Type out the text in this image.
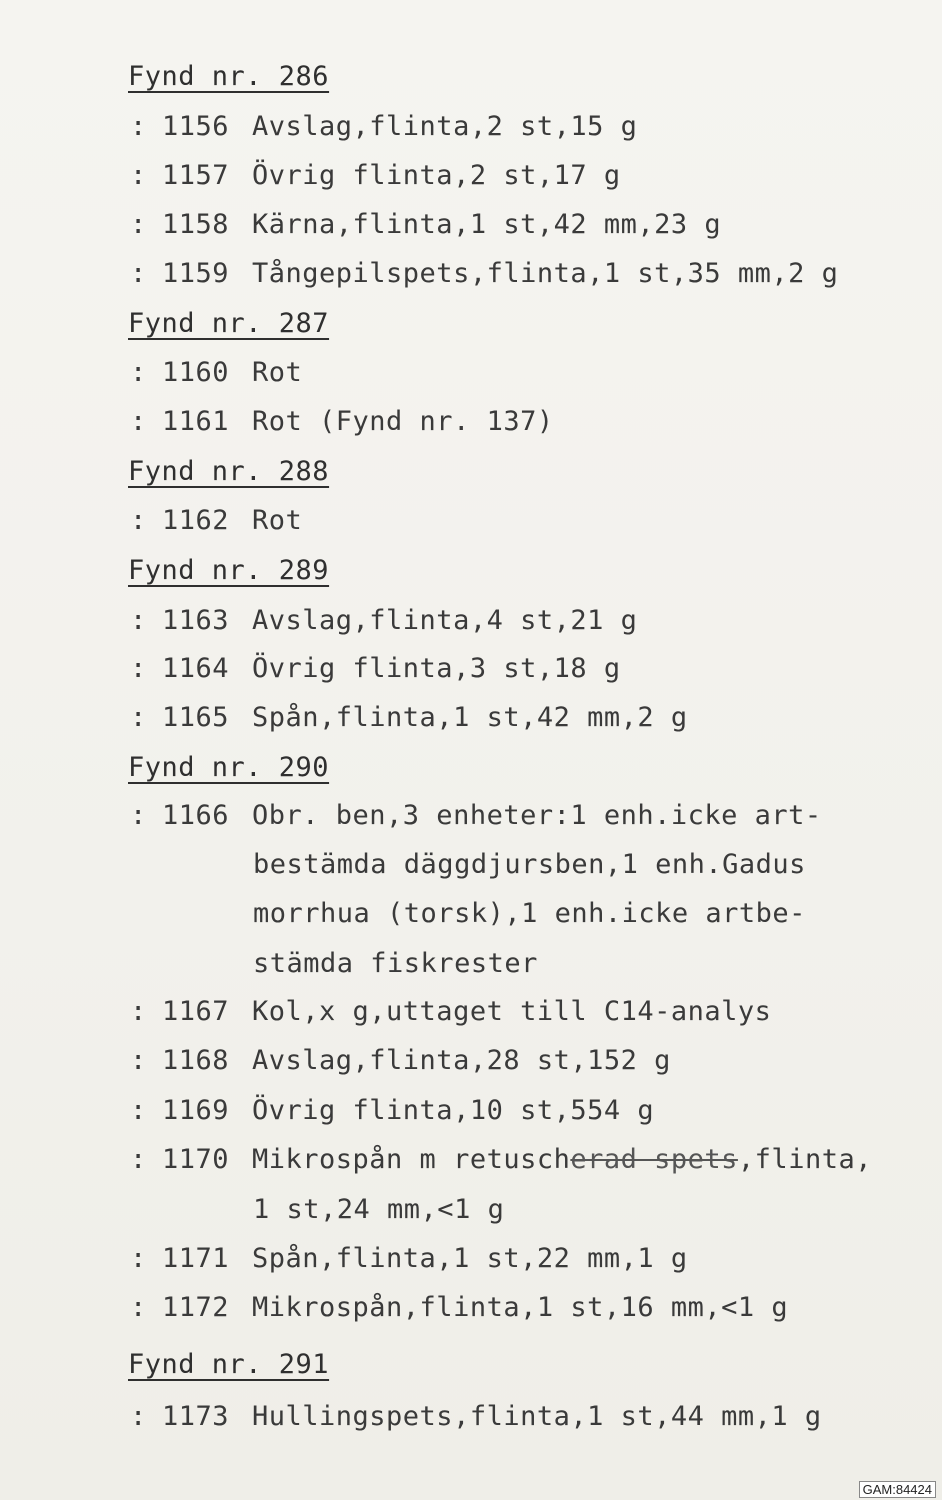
Fynd nr. 286
: 1156 Avslag,flinta,2 st,15 g
: 1157 Övrig flinta,2 st,17 g
: 1158 Kärna,flinta,1 st,42 mm,23 g
: 1159 Tångepilspets,flinta,1 st,35 mm,2 g
Fynd nr. 287
: 1160 Rot
: 1161 Rot (Fynd nr. 137)
Fynd nr. 288
: 1162 Rot
Fynd nr. 289
: 1163 Avslag,flinta,4 st,21 g
: 1164 Övrig flinta,3 st,18 g
: 1165 Spån,flinta,1 st,42 mm,2 g
Fynd nr. 290
: 1166 Obr. ben,3 enheter:1 enh.icke art-
bestämda däggdjursben,1 enh.Gadus
morrhua (torsk),1 enh.icke artbe-
stämda fiskrester
: 1167 Kol,x g,uttaget till C14-analys
: 1168 Avslag,flinta,28 st,152 g
: 1169 Övrig flinta,10 st,554 g
: 1170 Mikrospån m retuscherad spets,flinta,
1 st,24 mm,<1 g
: 1171 Spån,flinta,1 st,22 mm,1 g
: 1172 Mikrospån,flinta,1 st,16 mm,<1 g
Fynd nr. 291
: 1173 Hullingspets,flinta,1 st,44 mm,1 g
GAM:84424
